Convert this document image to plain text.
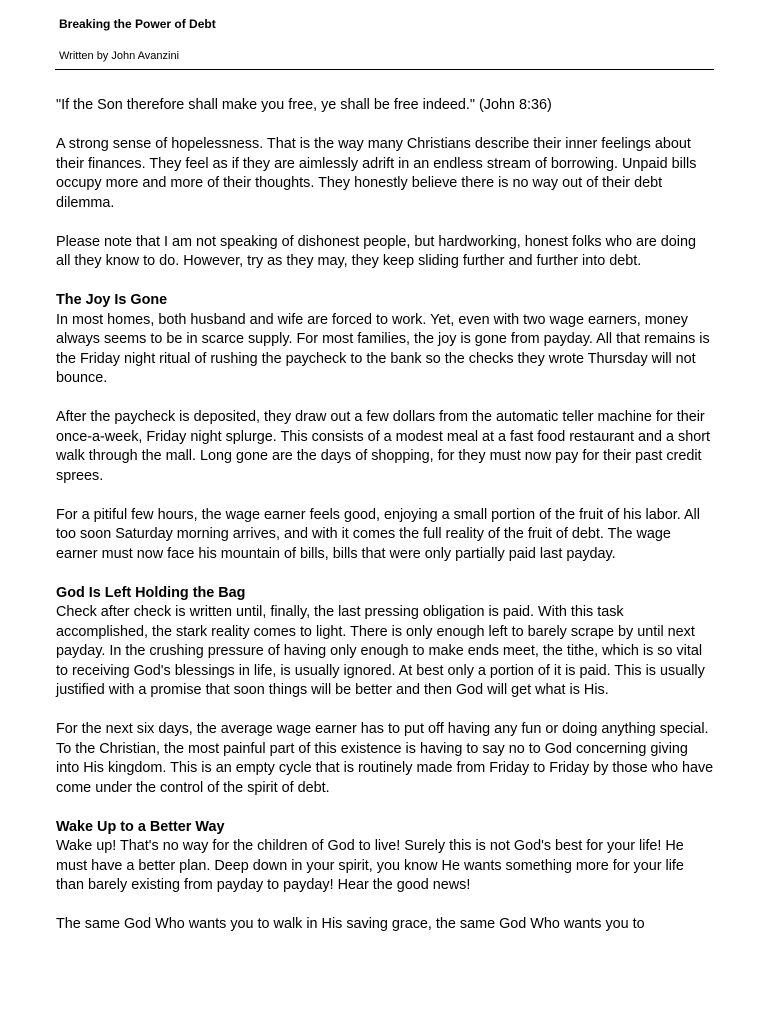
Breaking the Power of Debt
Written by John Avanzini

"If the Son therefore shall make you free, ye shall be free indeed." (John 8:36)

A strong sense of hopelessness. That is the way many Christians describe their inner feelings about their finances. They feel as if they are aimlessly adrift in an endless stream of borrowing. Unpaid bills occupy more and more of their thoughts. They honestly believe there is no way out of their debt dilemma.

Please note that I am not speaking of dishonest people, but hardworking, honest folks who are doing all they know to do. However, try as they may, they keep sliding further and further into debt.

The Joy Is Gone
In most homes, both husband and wife are forced to work. Yet, even with two wage earners, money always seems to be in scarce supply. For most families, the joy is gone from payday. All that remains is the Friday night ritual of rushing the paycheck to the bank so the checks they wrote Thursday will not bounce.

After the paycheck is deposited, they draw out a few dollars from the automatic teller machine for their once-a-week, Friday night splurge. This consists of a modest meal at a fast food restaurant and a short walk through the mall. Long gone are the days of shopping, for they must now pay for their past credit sprees.

For a pitiful few hours, the wage earner feels good, enjoying a small portion of the fruit of his labor. All too soon Saturday morning arrives, and with it comes the full reality of the fruit of debt. The wage earner must now face his mountain of bills, bills that were only partially paid last payday.

God Is Left Holding the Bag
Check after check is written until, finally, the last pressing obligation is paid. With this task accomplished, the stark reality comes to light. There is only enough left to barely scrape by until next payday. In the crushing pressure of having only enough to make ends meet, the tithe, which is so vital to receiving God's blessings in life, is usually ignored. At best only a portion of it is paid. This is usually justified with a promise that soon things will be better and then God will get what is His.

For the next six days, the average wage earner has to put off having any fun or doing anything special. To the Christian, the most painful part of this existence is having to say no to God concerning giving into His kingdom. This is an empty cycle that is routinely made from Friday to Friday by those who have come under the control of the spirit of debt.

Wake Up to a Better Way
Wake up! That's no way for the children of God to live! Surely this is not God's best for your life! He must have a better plan. Deep down in your spirit, you know He wants something more for your life than barely existing from payday to payday! Hear the good news!

The same God Who wants you to walk in His saving grace, the same God Who wants you to
